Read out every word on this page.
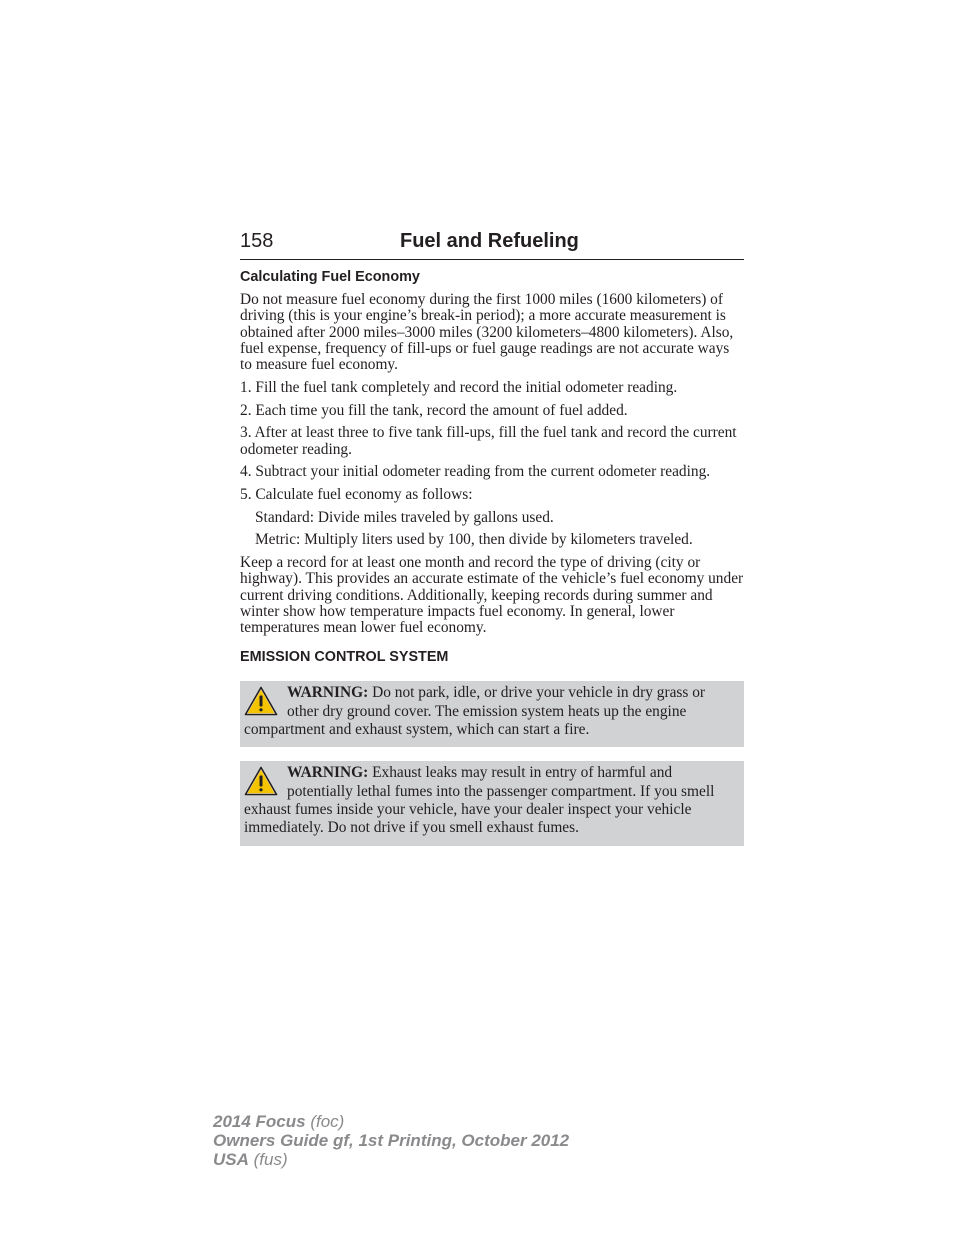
158	Fuel and Refueling
Calculating Fuel Economy

Do not measure fuel economy during the first 1000 miles (1600 kilometers) of driving (this is your engine’s break-in period); a more accurate measurement is obtained after 2000 miles–3000 miles (3200 kilometers–4800 kilometers). Also, fuel expense, frequency of fill-ups or fuel gauge readings are not accurate ways to measure fuel economy.

1. Fill the fuel tank completely and record the initial odometer reading.

2. Each time you fill the tank, record the amount of fuel added.

3. After at least three to five tank fill-ups, fill the fuel tank and record the current odometer reading.

4. Subtract your initial odometer reading from the current odometer reading.

5. Calculate fuel economy as follows:

Standard: Divide miles traveled by gallons used.

Metric: Multiply liters used by 100, then divide by kilometers traveled.

Keep a record for at least one month and record the type of driving (city or highway). This provides an accurate estimate of the vehicle’s fuel economy under current driving conditions. Additionally, keeping records during summer and winter show how temperature impacts fuel economy. In general, lower temperatures mean lower fuel economy.

EMISSION CONTROL SYSTEM
WARNING: Do not park, idle, or drive your vehicle in dry grass or other dry ground cover. The emission system heats up the engine compartment and exhaust system, which can start a fire.
WARNING: Exhaust leaks may result in entry of harmful and potentially lethal fumes into the passenger compartment. If you smell exhaust fumes inside your vehicle, have your dealer inspect your vehicle immediately. Do not drive if you smell exhaust fumes.
2014 Focus (foc)
Owners Guide gf, 1st Printing, October 2012
USA (fus)
